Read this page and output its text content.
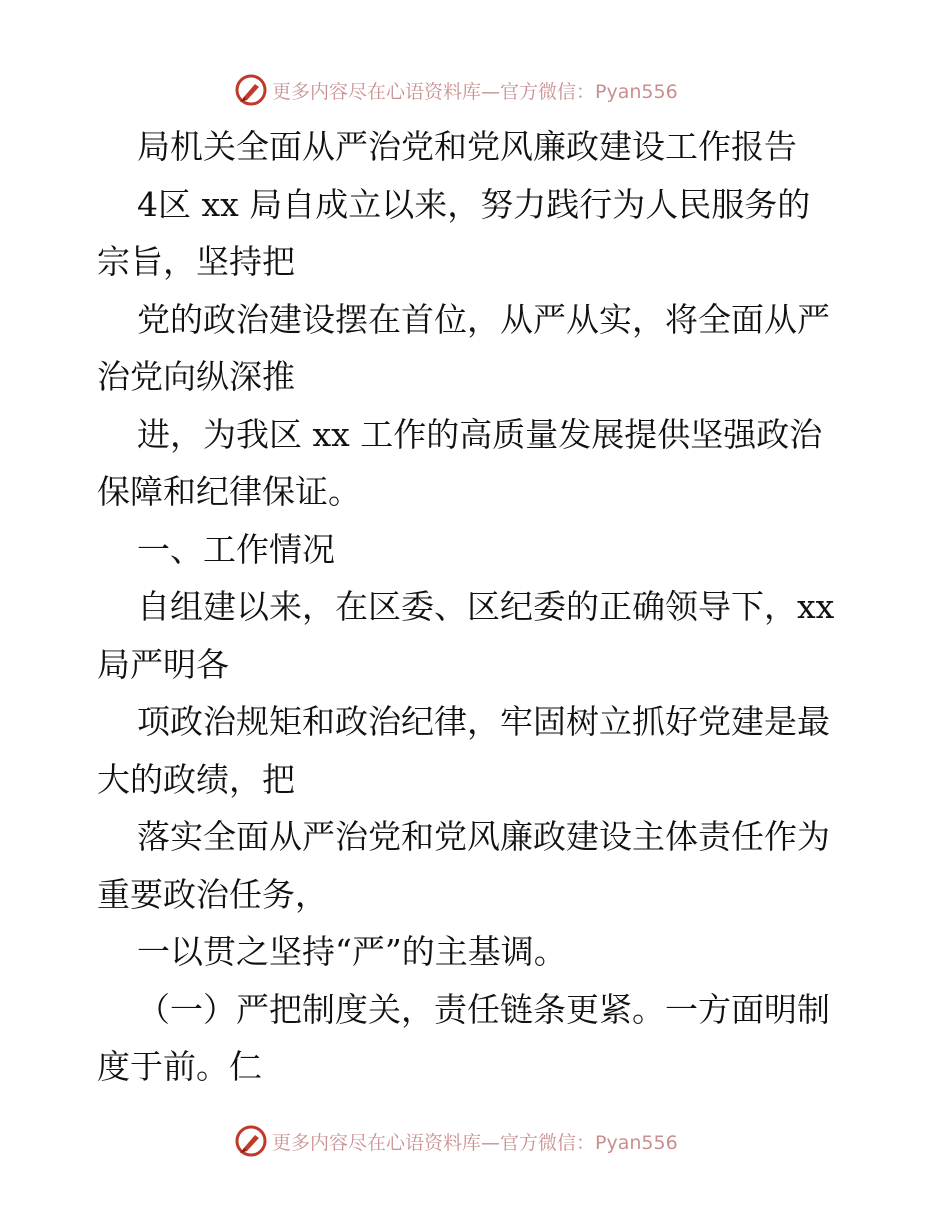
更多内容尽在心语资料库—官方微信：Pyan556

局机关全面从严治党和党风廉政建设工作报告

4区 xx 局自成立以来，努力践行为人民服务的

宗旨，坚持把

党的政治建设摆在首位，从严从实，将全面从严

治党向纵深推

进，为我区 xx 工作的高质量发展提供坚强政治

保障和纪律保证。

一、工作情况

自组建以来，在区委、区纪委的正确领导下，xx

局严明各

项政治规矩和政治纪律，牢固树立抓好党建是最

大的政绩，把

落实全面从严治党和党风廉政建设主体责任作为

重要政治任务，

一以贯之坚持“严”的主基调。

（一）严把制度关，责任链条更紧。一方面明制

度于前。仁

更多内容尽在心语资料库—官方微信：Pyan556
